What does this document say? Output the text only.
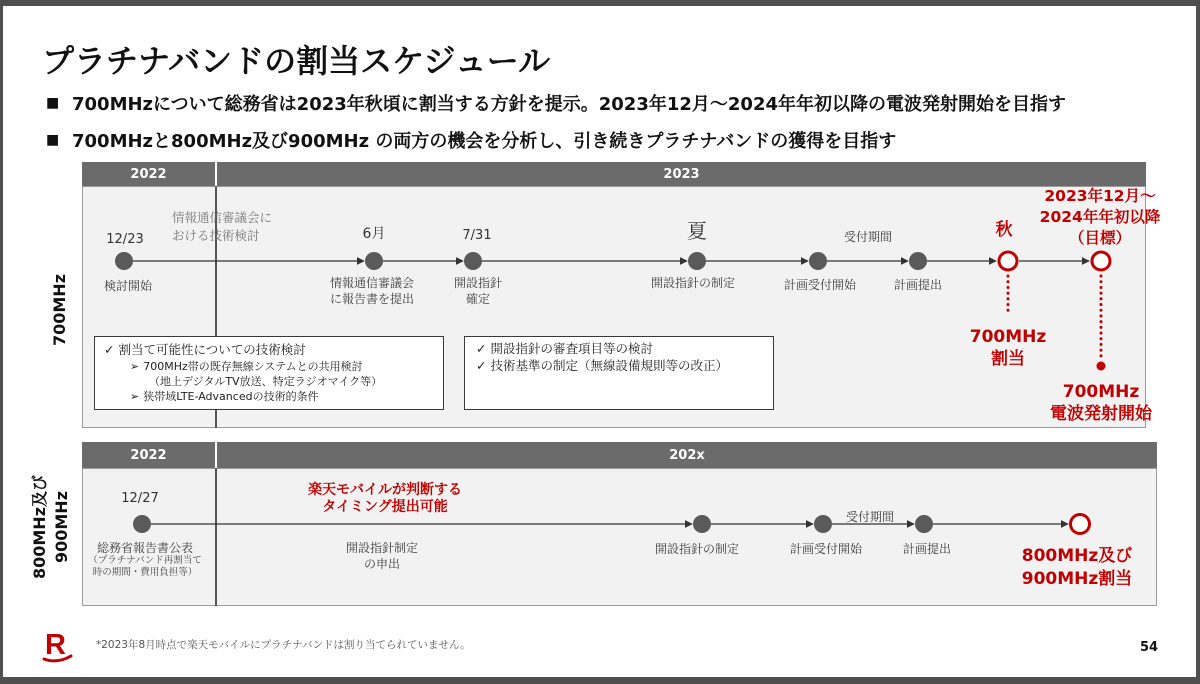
プラチナバンドの割当スケジュール
■ 700MHzについて総務省は2023年秋頃に割当する方針を提示。2023年12月～2024年年初以降の電波発射開始を目指す
■ 700MHzと800MHz及び900MHz の両方の機会を分析し、引き続きプラチナバンドの獲得を目指す
700MHz
2022	2023
✓ 割当て可能性についての技術検討
➢ 700MHz帯の既存無線システムとの共用検討
（地上デジタルTV放送、特定ラジオマイク等）
➢ 狭帯域LTE-Advancedの技術的条件
✓ 開設指針の審査項目等の検討
✓ 技術基準の制定（無線設備規則等の改正）
800MHz及び 900MHz
2022	202x
情報通信審議会に
おける技術検討
12/23
検討開始
6月
情報通信審議会
に報告書を提出
7/31
開設指針
確定
夏
開設指針の制定
受付期間
計画受付開始	計画提出
秋
700MHz
割当
2023年12月～
2024年年初以降
（目標）
700MHz
電波発射開始
12/27
総務省報告書公表
（プラチナバンド再割当て
時の期間・費用負担等）
楽天モバイルが判断する
タイミング提出可能
開設指針制定
の申出
開設指針の制定
受付期間
計画受付開始	計画提出	800MHz及び
900MHz割当
R	*2023年8月時点で楽天モバイルにプラチナバンドは割り当てられていません。	54
